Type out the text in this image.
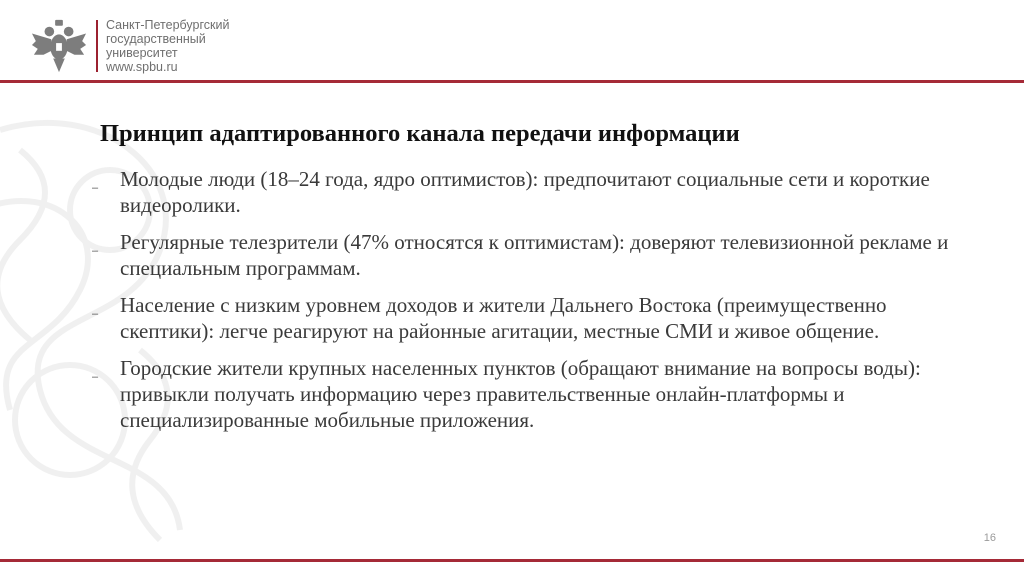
Санкт-Петербургский
государственный
университет
www.spbu.ru
Принцип адаптированного канала передачи информации
– Молодые люди (18–24 года, ядро оптимистов): предпочитают социальные сети и короткие видеоролики.
– Регулярные телезрители (47% относятся к оптимистам): доверяют телевизионной рекламе и специальным программам.
– Население с низким уровнем доходов и жители Дальнего Востока (преимущественно скептики): легче реагируют на районные агитации, местные СМИ и живое общение.
– Городские жители крупных населенных пунктов (обращают внимание на вопросы воды): привыкли получать информацию через правительственные онлайн-платформы и специализированные мобильные приложения.
16
